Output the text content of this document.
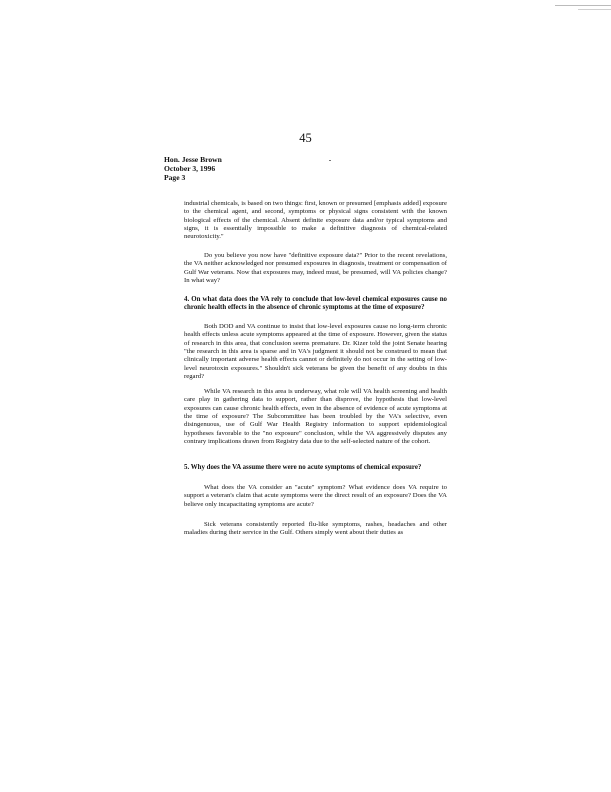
45
Hon. Jesse Brown
October 3, 1996
Page 3

industrial chemicals, is based on two things: first, known or presumed [emphasis added] exposure to the chemical agent, and second, symptoms or physical signs consistent with the known biological effects of the chemical. Absent definite exposure data and/or typical symptoms and signs, it is essentially impossible to make a definitive diagnosis of chemical-related neurotoxicity."

Do you believe you now have "definitive exposure data?" Prior to the recent revelations, the VA neither acknowledged nor presumed exposures in diagnosis, treatment or compensation of Gulf War veterans. Now that exposures may, indeed must, be presumed, will VA policies change? In what way?

4. On what data does the VA rely to conclude that low-level chemical exposures cause no chronic health effects in the absence of chronic symptoms at the time of exposure?

Both DOD and VA continue to insist that low-level exposures cause no long-term chronic health effects unless acute symptoms appeared at the time of exposure. However, given the status of research in this area, that conclusion seems premature. Dr. Kizer told the joint Senate hearing "the research in this area is sparse and in VA's judgment it should not be construed to mean that clinically important adverse health effects cannot or definitely do not occur in the setting of low-level neurotoxin exposures." Shouldn't sick veterans be given the benefit of any doubts in this regard?

While VA research in this area is underway, what role will VA health screening and health care play in gathering data to support, rather than disprove, the hypothesis that low-level exposures can cause chronic health effects, even in the absence of evidence of acute symptoms at the time of exposure? The Subcommittee has been troubled by the VA's selective, even disingenuous, use of Gulf War Health Registry information to support epidemiological hypotheses favorable to the "no exposure" conclusion, while the VA aggressively disputes any contrary implications drawn from Registry data due to the self-selected nature of the cohort.

5. Why does the VA assume there were no acute symptoms of chemical exposure?

What does the VA consider an "acute" symptom? What evidence does VA require to support a veteran's claim that acute symptoms were the direct result of an exposure? Does the VA believe only incapacitating symptoms are acute?

Sick veterans consistently reported flu-like symptoms, rashes, headaches and other maladies during their service in the Gulf. Others simply went about their duties as
